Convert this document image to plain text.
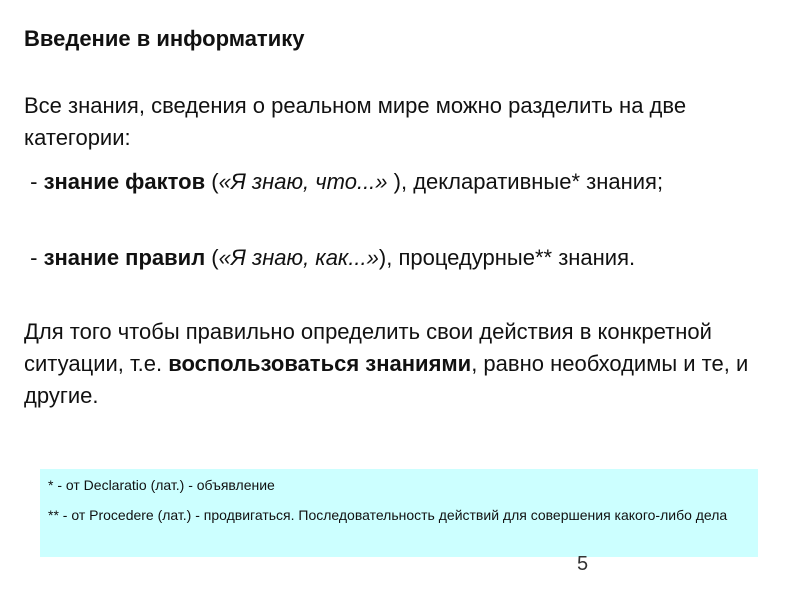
Введение в информатику

Все знания, сведения о реальном мире можно разделить на две категории:

- знание фактов («Я знаю, что...» ), декларативные* знания;

- знание правил («Я знаю, как...»), процедурные** знания.

Для того чтобы правильно определить свои действия в конкретной ситуации, т.е. воспользоваться знаниями, равно необходимы и те, и другие.

* - от Declaratio (лат.) - объявление

** - от Procedere (лат.) - продвигаться. Последовательность действий для совершения какого-либо дела

5
